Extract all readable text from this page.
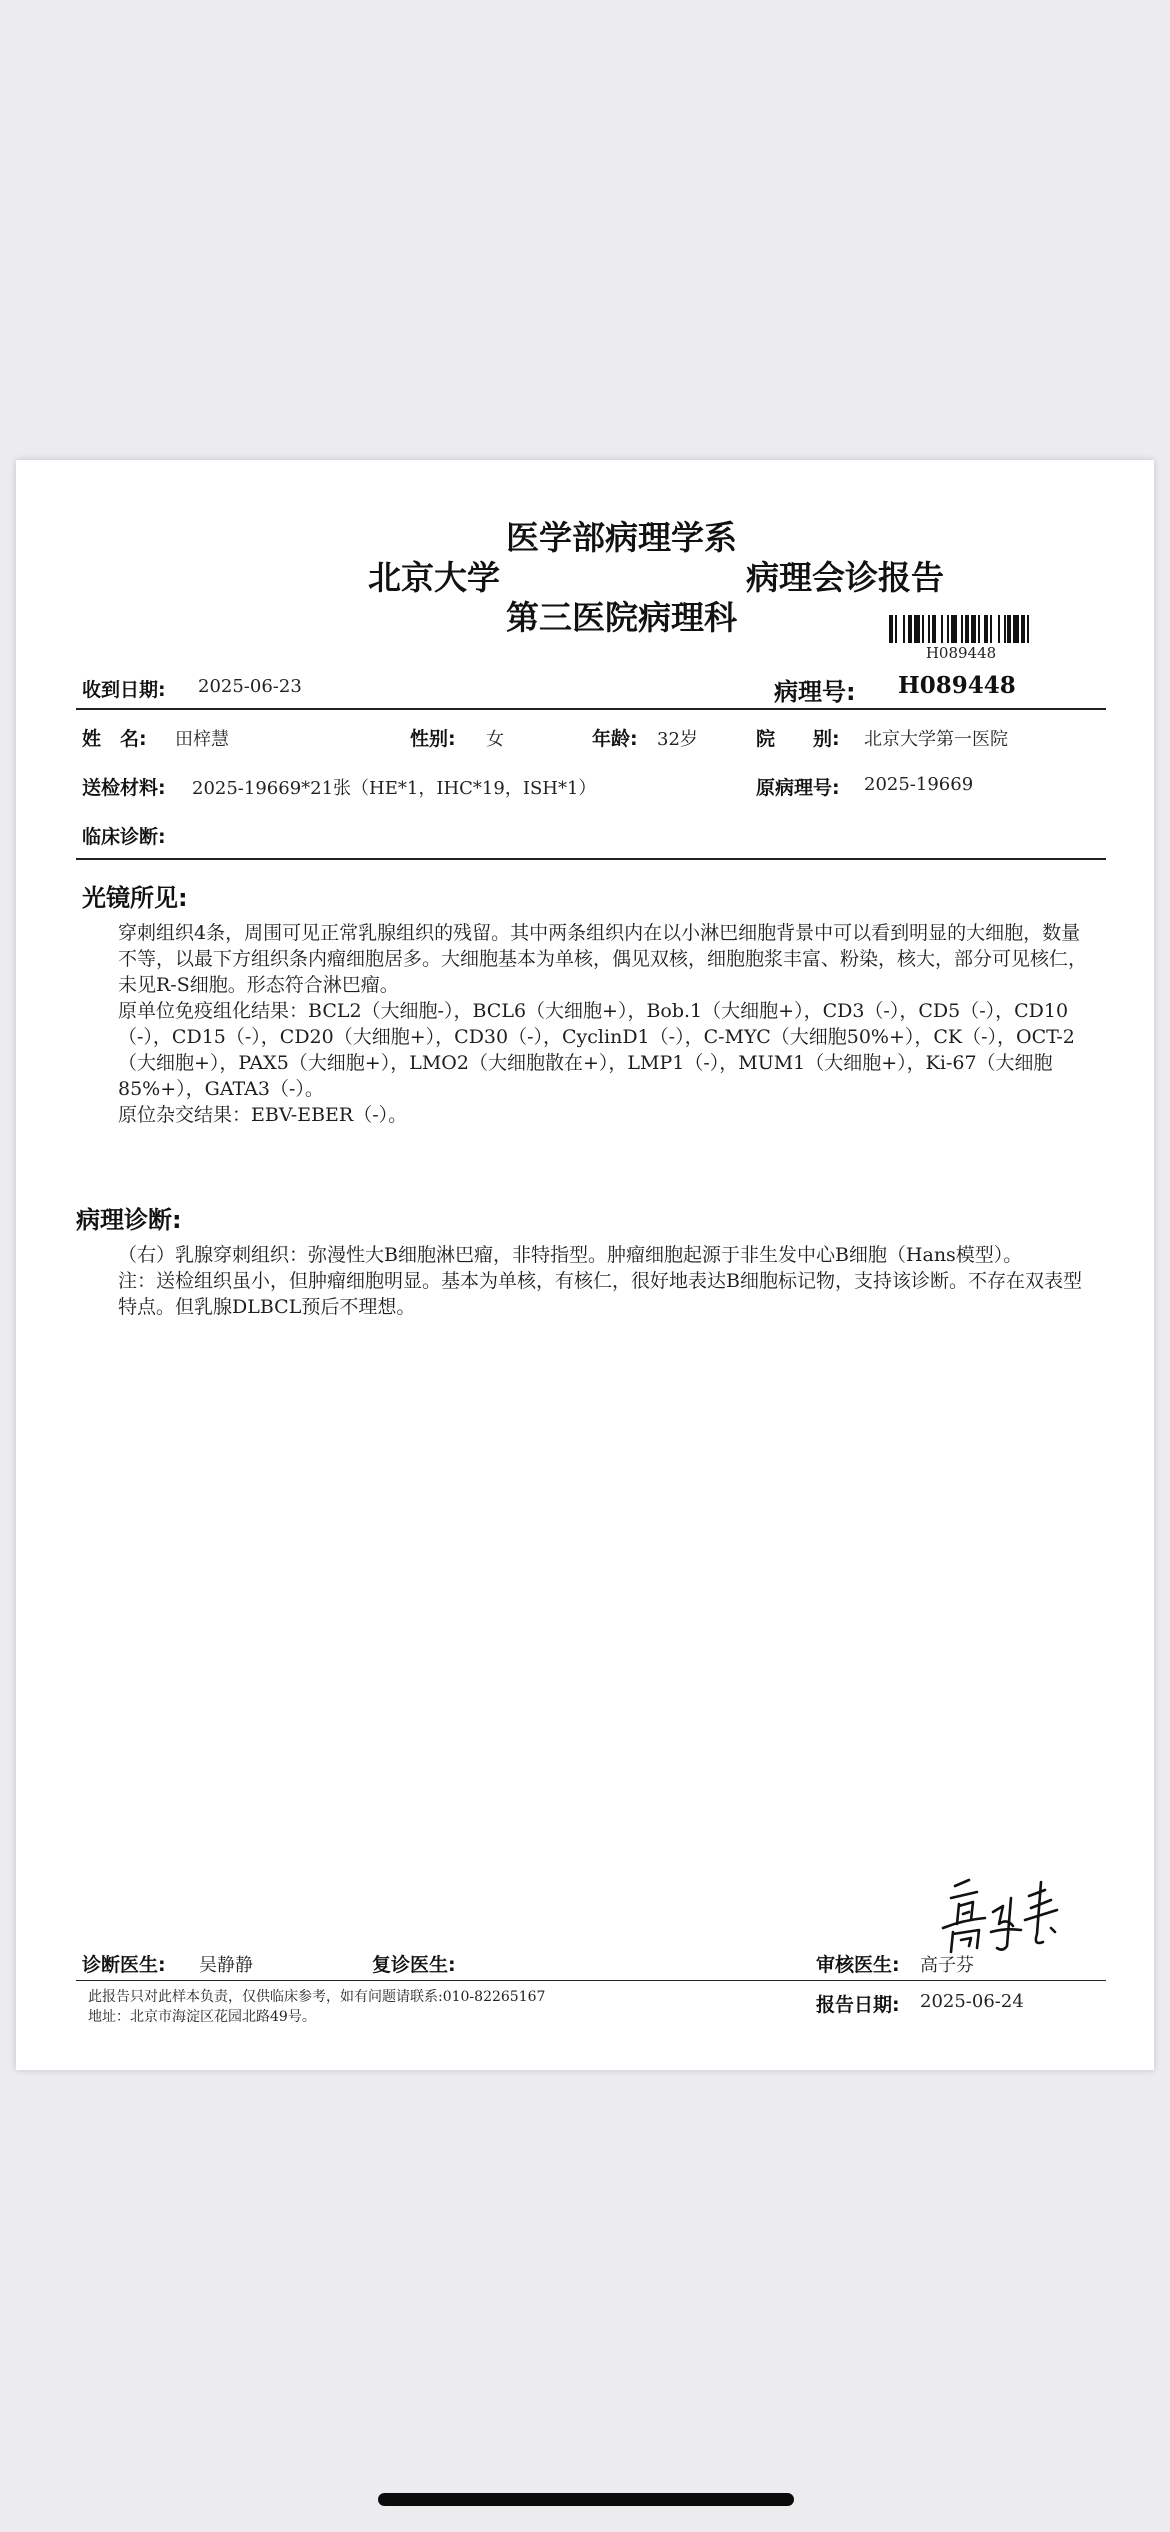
医学部病理学系
北京大学	病理会诊报告
第三医院病理科
H089448
收到日期: 2025-06-23	病理号: H089448
姓　名: 田梓慧	性别: 女	年龄: 32岁	院　　别: 北京大学第一医院
送检材料: 2025-19669*21张（HE*1，IHC*19，ISH*1）	原病理号: 2025-19669
临床诊断:
光镜所见:

穿刺组织4条，周围可见正常乳腺组织的残留。其中两条组织内在以小淋巴细胞背景中可以看到明显的大细胞，数量不等，以最下方组织条内瘤细胞居多。大细胞基本为单核，偶见双核，细胞胞浆丰富、粉染，核大，部分可见核仁，未见R-S细胞。形态符合淋巴瘤。

原单位免疫组化结果：BCL2（大细胞-），BCL6（大细胞+），Bob.1（大细胞+），CD3（-），CD5（-），CD10（-），CD15（-），CD20（大细胞+），CD30（-），CyclinD1（-），C-MYC（大细胞50%+），CK（-），OCT-2（大细胞+），PAX5（大细胞+），LMO2（大细胞散在+），LMP1（-），MUM1（大细胞+），Ki-67（大细胞85%+），GATA3（-）。

原位杂交结果：EBV-EBER（-）。

病理诊断:

（右）乳腺穿刺组织：弥漫性大B细胞淋巴瘤，非特指型。肿瘤细胞起源于非生发中心B细胞（Hans模型）。

注：送检组织虽小，但肿瘤细胞明显。基本为单核，有核仁，很好地表达B细胞标记物，支持该诊断。不存在双表型特点。但乳腺DLBCL预后不理想。

诊断医生: 吴静静	复诊医生:	审核医生: 高子芬
此报告只对此样本负责，仅供临床参考，如有问题请联系:010-82265167
地址：北京市海淀区花园北路49号。
报告日期: 2025-06-24
